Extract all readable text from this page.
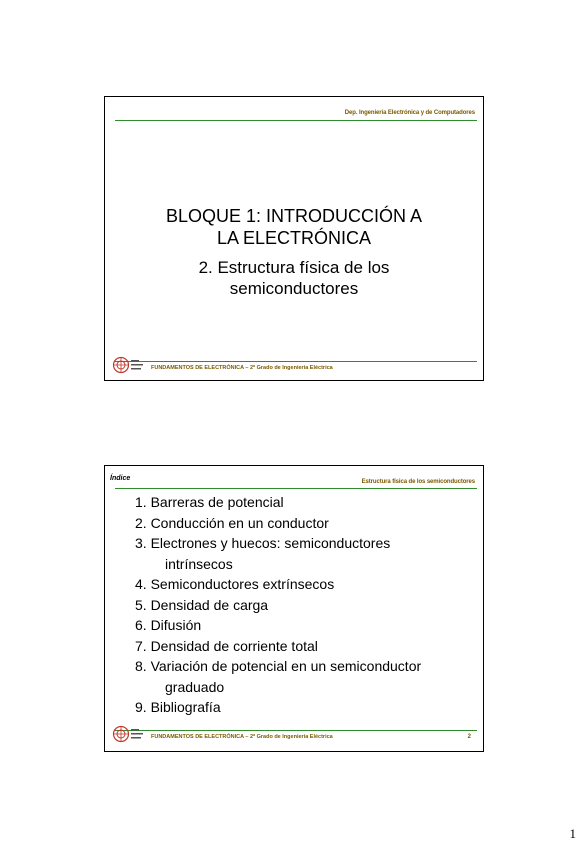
Dep. Ingeniería Electrónica y de Computadores
BLOQUE 1: INTRODUCCIÓN A
LA ELECTRÓNICA
2. Estructura física de los
semiconductores
FUNDAMENTOS DE ELECTRÓNICA – 2º Grado de Ingeniería Eléctrica
Índice	Estructura física de los semiconductores
1. Barreras de potencial
2. Conducción en un conductor
3. Electrones y huecos: semiconductores
intrínsecos
4. Semiconductores extrínsecos
5. Densidad de carga
6. Difusión
7. Densidad de corriente total
8. Variación de potencial en un semiconductor
graduado
9. Bibliografía
FUNDAMENTOS DE ELECTRÓNICA – 2º Grado de Ingeniería Eléctrica	2
1
